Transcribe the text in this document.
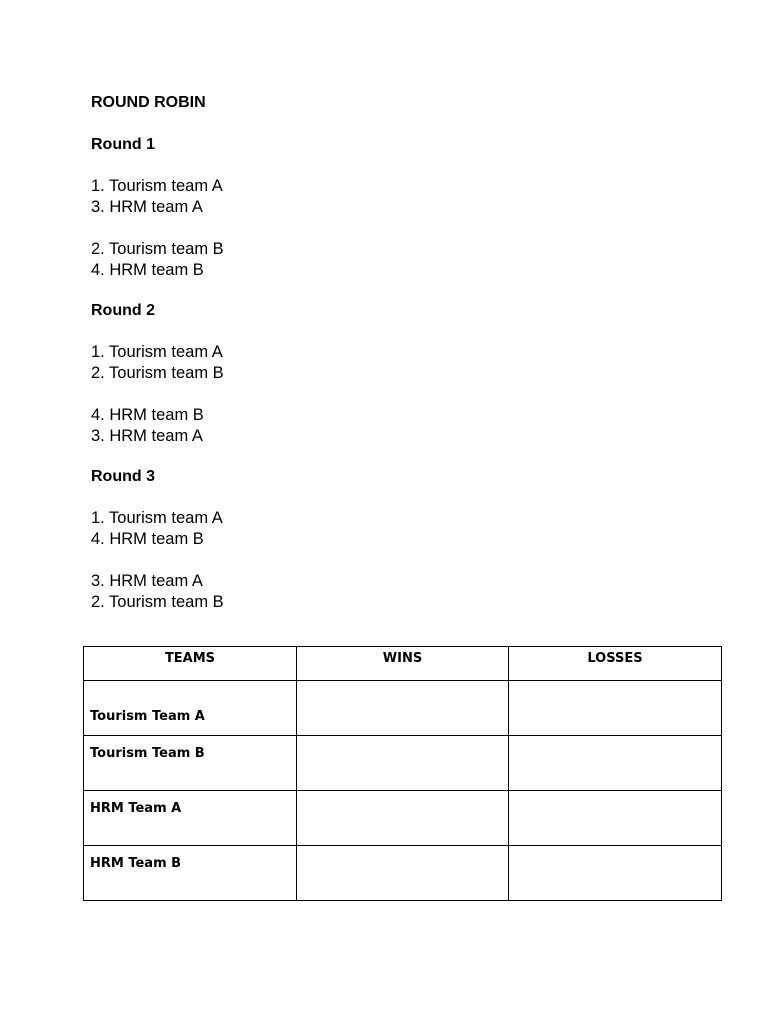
ROUND ROBIN
Round 1
1. Tourism team A
3. HRM team A
2. Tourism team B
4. HRM team B
Round 2
1. Tourism team A
2. Tourism team B
4. HRM team B
3. HRM team A
Round 3
1. Tourism team A
4. HRM team B
3. HRM team A
2. Tourism team B
TEAMS	WINS	LOSSES
Tourism Team A		
Tourism Team B		
HRM Team A		
HRM Team B		
